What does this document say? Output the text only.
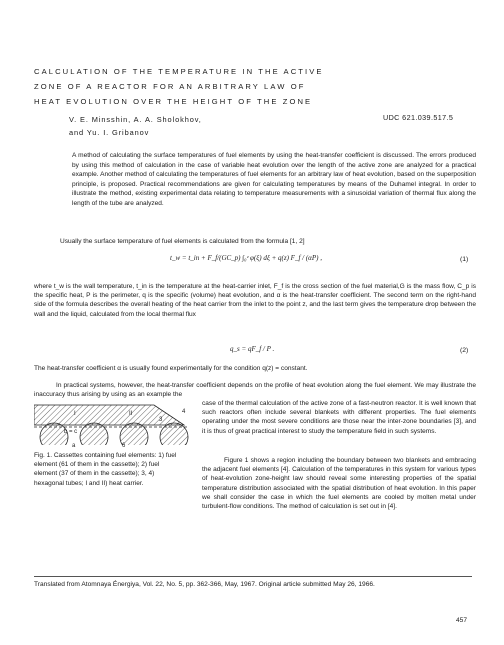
CALCULATION OF THE TEMPERATURE IN THE ACTIVE
ZONE OF A REACTOR FOR AN ARBITRARY LAW OF
HEAT EVOLUTION OVER THE HEIGHT OF THE ZONE
V. E. Minsshin, A. A. Sholokhov,
and Yu. I. Gribanov
UDC 621.039.517.5
A method of calculating the surface temperatures of fuel elements by using the heat-transfer coefficient is discussed. The errors produced by using this method of calculation in the case of variable heat evolution over the length of the active zone are analyzed for a practical example. Another method of calculating the temperatures of fuel elements for an arbitrary law of heat evolution, based on the superposition principle, is proposed. Practical recommendations are given for calculating temperatures by means of the Duhamel integral. In order to illustrate the method, existing experimental data relating to temperature measurements with a sinusoidal variation of thermal flux along the length of the tube are analyzed.
Usually the surface temperature of fuel elements is calculated from the formula [1, 2]
t_w = t_in + F_f/(GC_p) ∫₀ᶻ φ(ξ) dξ + q(z) F_f / (αP) ,	(1)
where t_w is the wall temperature, t_in is the temperature at the heat-carrier inlet, F_f is the cross section of the fuel material,G is the mass flow, C_p is the specific heat, P is the perimeter, q is the specific (volume) heat evolution, and α is the heat-transfer coefficient. The second term on the right-hand side of the formula describes the overall heating of the heat carrier from the inlet to the point z, and the last term gives the temperature drop between the wall and the liquid, calculated from the local thermal flux
q_s = qF_f / P .	(2)
The heat-transfer coefficient α is usually found experimentally for the condition q(z) = constant.
In practical systems, however, the heat-transfer coefficient depends on the profile of heat evolution along the fuel element. We may illustrate the inaccuracy thus arising by using as an example the
I	II	4
3
b = c
a	6
Fig. 1. Cassettes containing fuel elements: 1) fuel element (61 of them in the cassette); 2) fuel element (37 of them in the cassette); 3, 4) hexagonal tubes; I and II) heat carrier.
case of the thermal calculation of the active zone of a fast-neutron reactor. It is well known that such reactors often include several blankets with different properties. The fuel elements operating under the most severe conditions are those near the inter-zone boundaries [3], and it is thus of great practical interest to study the temperature field in such systems.
Figure 1 shows a region including the boundary between two blankets and embracing the adjacent fuel elements [4]. Calculation of the temperatures in this system for various types of heat-evolution zone-height law should reveal some interesting properties of the spatial temperature distribution associated with the spatial distribution of heat evolution. In this paper we shall consider the case in which the fuel elements are cooled by molten metal under turbulent-flow conditions. The method of calculation is set out in [4].
Translated from Atomnaya Énergiya, Vol. 22, No. 5, pp. 362-366, May, 1967. Original article submitted May 26, 1966.
457
